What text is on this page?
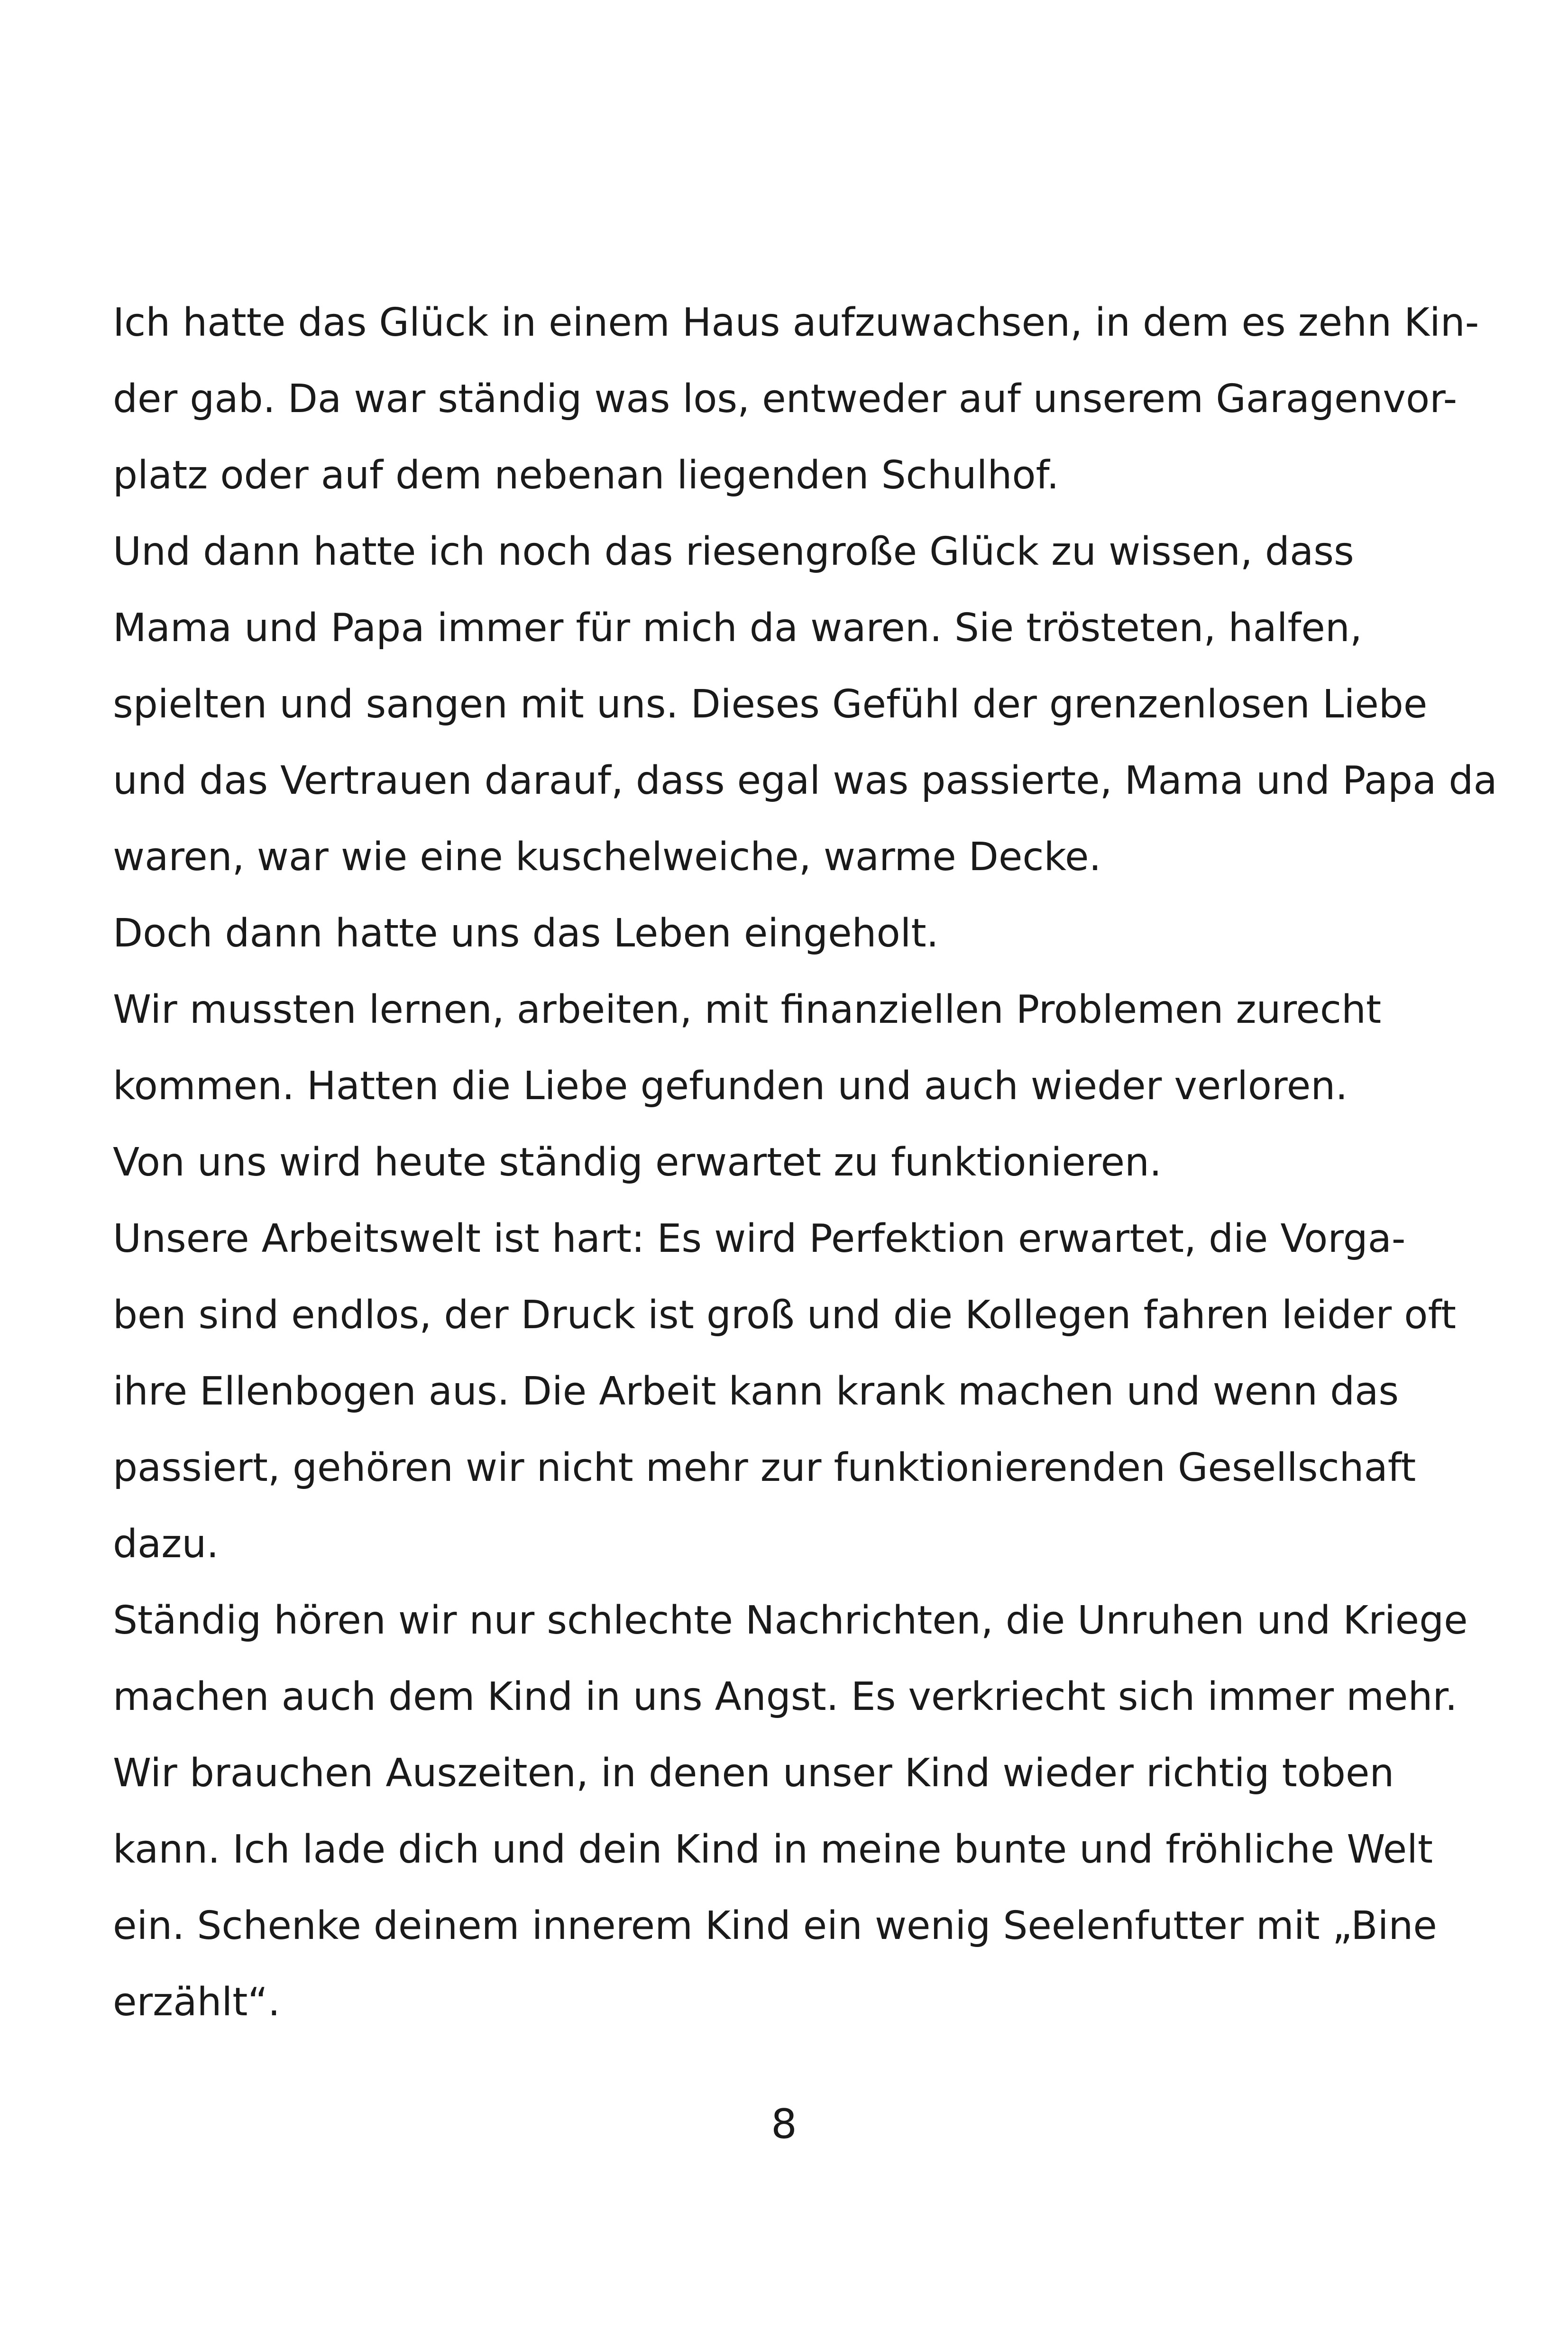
Ich hatte das Glück in einem Haus aufzuwachsen, in dem es zehn Kin-
der gab. Da war ständig was los, entweder auf unserem Garagenvor-
platz oder auf dem nebenan liegenden Schulhof.
Und dann hatte ich noch das riesengroße Glück zu wissen, dass
Mama und Papa immer für mich da waren. Sie trösteten, halfen,
spielten und sangen mit uns. Dieses Gefühl der grenzenlosen Liebe
und das Vertrauen darauf, dass egal was passierte, Mama und Papa da
waren, war wie eine kuschelweiche, warme Decke.
Doch dann hatte uns das Leben eingeholt.
Wir mussten lernen, arbeiten, mit finanziellen Problemen zurecht
kommen. Hatten die Liebe gefunden und auch wieder verloren.
Von uns wird heute ständig erwartet zu funktionieren.
Unsere Arbeitswelt ist hart: Es wird Perfektion erwartet, die Vorga-
ben sind endlos, der Druck ist groß und die Kollegen fahren leider oft
ihre Ellenbogen aus. Die Arbeit kann krank machen und wenn das
passiert, gehören wir nicht mehr zur funktionierenden Gesellschaft
dazu.
Ständig hören wir nur schlechte Nachrichten, die Unruhen und Kriege
machen auch dem Kind in uns Angst. Es verkriecht sich immer mehr.
Wir brauchen Auszeiten, in denen unser Kind wieder richtig toben
kann. Ich lade dich und dein Kind in meine bunte und fröhliche Welt
ein. Schenke deinem innerem Kind ein wenig Seelenfutter mit „Bine
erzählt“.
8
